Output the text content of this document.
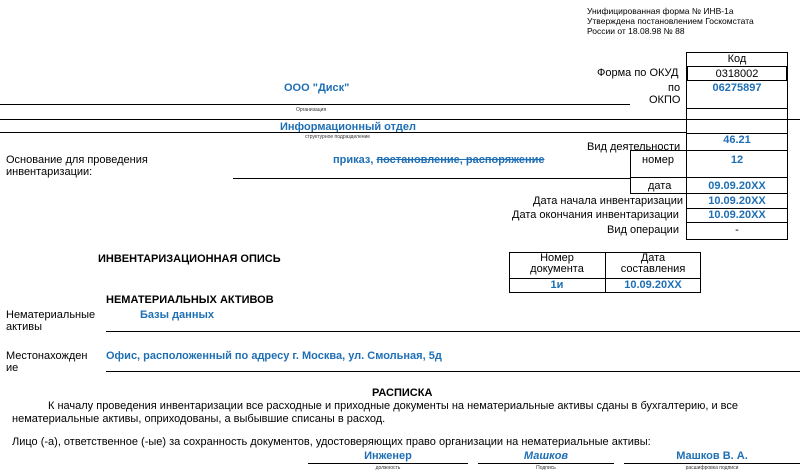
Унифицированная форма № ИНВ-1а
Утверждена постановлением Госкомстата
России от 18.08.98 № 88
Код
0318002
06275897
46.21
12
09.09.20XX
10.09.20XX
10.09.20XX
-
Форма по ОКУД
по
ОКПО
Вид деятельности
номер
дата
Дата начала инвентаризации
Дата окончания инвентаризации
Вид операции
ООО "Диск"
Организация
Информационный отдел
структурное подразделение
Основание для проведения
инвентаризации:
приказ, постановление, распоряжение
ИНВЕНТАРИЗАЦИОННАЯ ОПИСЬ
НЕМАТЕРИАЛЬНЫХ АКТИВОВ
Номер
документа
Дата
составления
1и	10.09.20XX
Нематериальные
активы
Базы данных
Местонахожден
ие
Офис, расположенный по адресу г. Москва, ул. Смольная, 5д
РАСПИСКА
К началу проведения инвентаризации все расходные и приходные документы на нематериальные активы сданы в бухгалтерию, и все
нематериальные активы, оприходованы, а выбывшие списаны в расход.
Лицо (-а), ответственное (-ые) за сохранность документов, удостоверяющих право организации на нематериальные активы:
Инженер
должность
Машков
Подпись
Машков В. А.
расшифровка подписи
